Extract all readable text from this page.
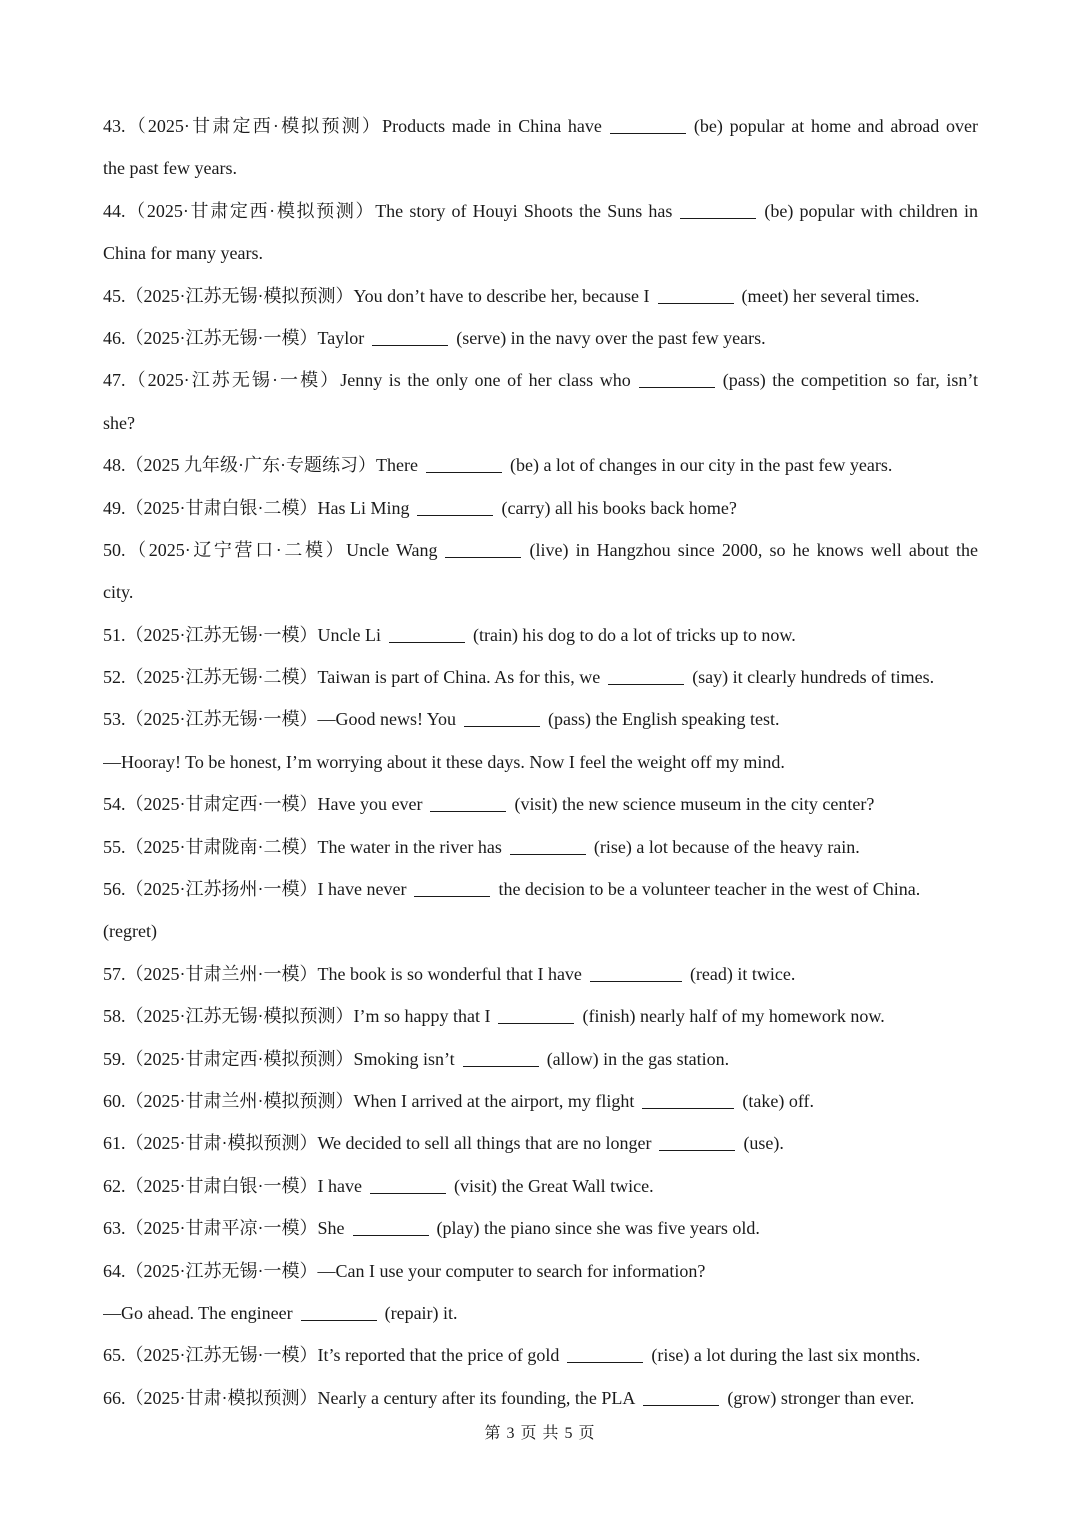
43.（2025·甘肃定西·模拟预测）Products made in China have	(be) popular at home and abroad over
the past few years.
44.（2025·甘肃定西·模拟预测）The story of Houyi Shoots the Suns has	(be) popular with children in
China for many years.
45.（2025·江苏无锡·模拟预测）You don’t have to describe her, because I	(meet) her several times.
46.（2025·江苏无锡·一模）Taylor	(serve) in the navy over the past few years.
47.（2025·江苏无锡·一模）Jenny is the only one of her class who	(pass) the competition so far, isn’t
she?
48.（2025 九年级·广东·专题练习）There	(be) a lot of changes in our city in the past few years.
49.（2025·甘肃白银·二模）Has Li Ming	(carry) all his books back home?
50.（2025·辽宁营口·二模）Uncle Wang	(live) in Hangzhou since 2000, so he knows well about the
city.
51.（2025·江苏无锡·一模）Uncle Li	(train) his dog to do a lot of tricks up to now.
52.（2025·江苏无锡·二模）Taiwan is part of China. As for this, we	(say) it clearly hundreds of times.
53.（2025·江苏无锡·一模）—Good news! You	(pass) the English speaking test.
—Hooray! To be honest, I’m worrying about it these days. Now I feel the weight off my mind.
54.（2025·甘肃定西·一模）Have you ever	(visit) the new science museum in the city center?
55.（2025·甘肃陇南·二模）The water in the river has	(rise) a lot because of the heavy rain.
56.（2025·江苏扬州·一模）I have never	the decision to be a volunteer teacher in the west of China.
(regret)
57.（2025·甘肃兰州·一模）The book is so wonderful that I have	(read) it twice.
58.（2025·江苏无锡·模拟预测）I’m so happy that I	(finish) nearly half of my homework now.
59.（2025·甘肃定西·模拟预测）Smoking isn’t	(allow) in the gas station.
60.（2025·甘肃兰州·模拟预测）When I arrived at the airport, my flight	(take) off.
61.（2025·甘肃·模拟预测）We decided to sell all things that are no longer	(use).
62.（2025·甘肃白银·一模）I have	(visit) the Great Wall twice.
63.（2025·甘肃平凉·一模）She	(play) the piano since she was five years old.
64.（2025·江苏无锡·一模）—Can I use your computer to search for information?
—Go ahead. The engineer	(repair) it.
65.（2025·江苏无锡·一模）It’s reported that the price of gold	(rise) a lot during the last six months.
66.（2025·甘肃·模拟预测）Nearly a century after its founding, the PLA	(grow) stronger than ever.
第 3 页 共 5 页
